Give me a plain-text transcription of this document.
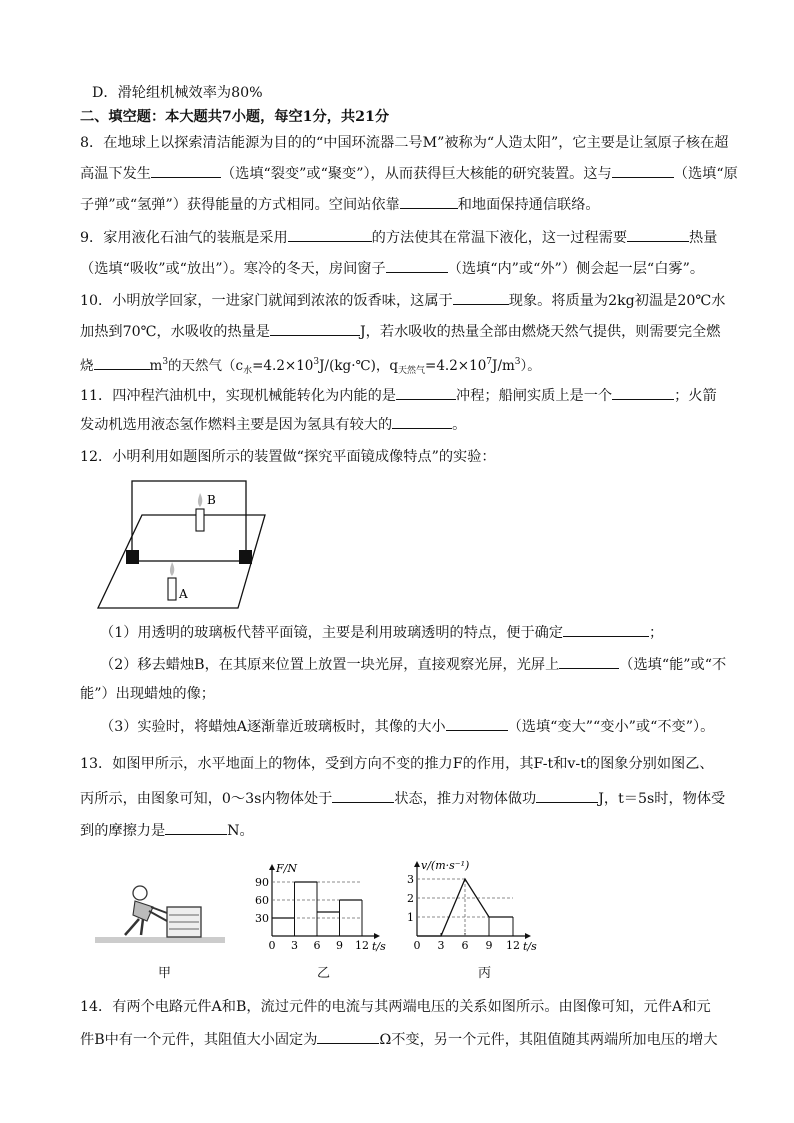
D．滑轮组机械效率为80%
二、填空题：本大题共7小题，每空1分，共21分
8．在地球上以探索清洁能源为目的的“中国环流器二号M”被称为“人造太阳”，它主要是让氢原子核在超
高温下发生	（选填“裂变”或“聚变”），从而获得巨大核能的研究装置。这与	（选填“原
子弹”或“氢弹”）获得能量的方式相同。空间站依靠	和地面保持通信联络。
9．家用液化石油气的装瓶是采用	的方法使其在常温下液化，这一过程需要	热量
（选填“吸收”或“放出”）。寒冷的冬天，房间窗子	（选填“内”或“外”）侧会起一层“白雾”。
10．小明放学回家，一进家门就闻到浓浓的饭香味，这属于	现象。将质量为2kg初温是20℃水
加热到70℃，水吸收的热量是	J，若水吸收的热量全部由燃烧天然气提供，则需要完全燃
烧	$m^3$的天然气（$c_水=4.2\times 10^3J/(kg\cdot℃)$，$q_{天然气}=4.2\times 10^7J/m^3$）。
11．四冲程汽油机中，实现机械能转化为内能的是	冲程；船闸实质上是一个	；火箭
发动机选用液态氢作燃料主要是因为氢具有较大的	。
12．小明利用如题图所示的装置做“探究平面镜成像特点”的实验：
B
A
（1）用透明的玻璃板代替平面镜，主要是利用玻璃透明的特点，便于确定	；
（2）移去蜡烛B，在其原来位置上放置一块光屏，直接观察光屏，光屏上	（选填“能”或“不
能”）出现蜡烛的像；
（3）实验时，将蜡烛A逐渐靠近玻璃板时，其像的大小	（选填“变大”“变小”或“不变”）。
13．如图甲所示，水平地面上的物体，受到方向不变的推力F的作用，其F-t和v-t的图象分别如图乙、
丙所示，由图象可知，0～3s内物体处于	状态，推力对物体做功	J，t＝5s时，物体受
到的摩擦力是	N。
甲
F/N
t/s
0 3 6 9 12
30
60
90
乙
v/(m·s⁻¹)
t/s
0 3 6 9 12
1
2
3
丙
14．有两个电路元件A和B，流过元件的电流与其两端电压的关系如图所示。由图像可知，元件A和元
件B中有一个元件，其阻值大小固定为	Ω不变，另一个元件，其阻值随其两端所加电压的增大
